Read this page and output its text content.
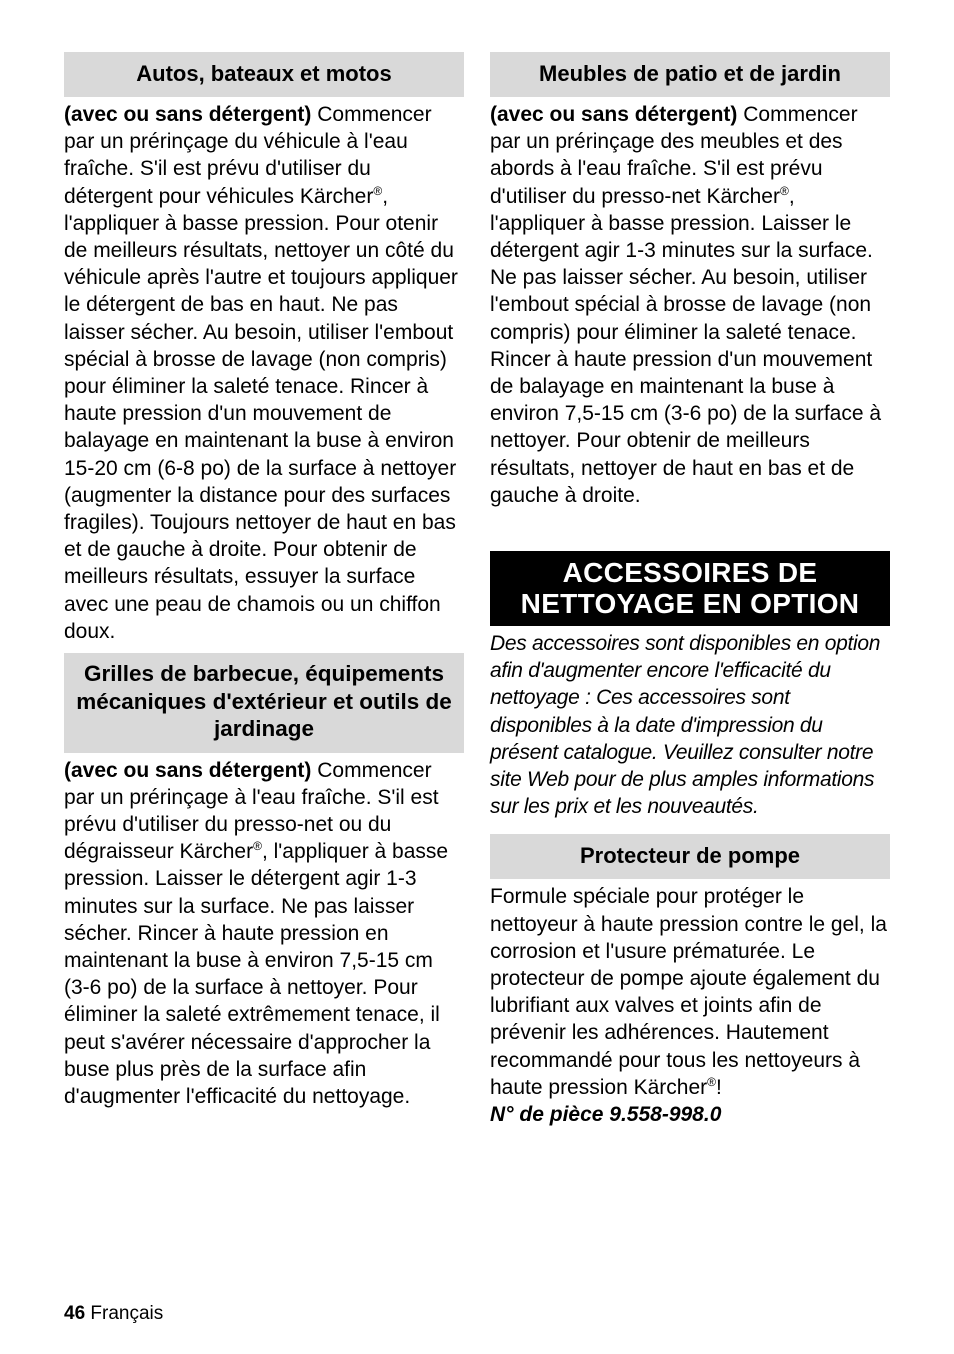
Autos, bateaux et motos

(avec ou sans détergent) Commencer par un prérinçage du véhicule à l'eau fraîche. S'il est prévu d'utiliser du détergent pour véhicules Kärcher®, l'appliquer à basse pression. Pour otenir de meilleurs résultats, nettoyer un côté du véhicule après l'autre et toujours appliquer le détergent de bas en haut. Ne pas laisser sécher. Au besoin, utiliser l'embout spécial à brosse de lavage (non compris) pour éliminer la saleté tenace. Rincer à haute pression d'un mouvement de balayage en maintenant la buse à environ 15-20 cm (6-8 po) de la surface à nettoyer (augmenter la distance pour des surfaces fragiles). Toujours nettoyer de haut en bas et de gauche à droite. Pour obtenir de meilleurs résultats, essuyer la surface avec une peau de chamois ou un chiffon doux.

Grilles de barbecue, équipements mécaniques d'extérieur et outils de jardinage

(avec ou sans détergent) Commencer par un prérinçage à l'eau fraîche. S'il est prévu d'utiliser du presso-net ou du dégraisseur Kärcher®, l'appliquer à basse pression. Laisser le détergent agir 1-3 minutes sur la surface. Ne pas laisser sécher. Rincer à haute pression en maintenant la buse à environ 7,5-15 cm (3-6 po) de la surface à nettoyer. Pour éliminer la saleté extrêmement tenace, il peut s'avérer nécessaire d'approcher la buse plus près de la surface afin d'augmenter l'efficacité du nettoyage.

Meubles de patio et de jardin

(avec ou sans détergent) Commencer par un prérinçage des meubles et des abords à l'eau fraîche. S'il est prévu d'utiliser du presso-net Kärcher®, l'appliquer à basse pression. Laisser le détergent agir 1-3 minutes sur la surface. Ne pas laisser sécher. Au besoin, utiliser l'embout spécial à brosse de lavage (non compris) pour éliminer la saleté tenace. Rincer à haute pression d'un mouvement de balayage en maintenant la buse à environ 7,5-15 cm (3-6 po) de la surface à nettoyer. Pour obtenir de meilleurs résultats, nettoyer de haut en bas et de gauche à droite.

ACCESSOIRES DE NETTOYAGE EN OPTION

Des accessoires sont disponibles en option afin d'augmenter encore l'efficacité du nettoyage : Ces accessoires sont disponibles à la date d'impression du présent catalogue. Veuillez consulter notre site Web pour de plus amples informations sur les prix et les nouveautés.

Protecteur de pompe

Formule spéciale pour protéger le nettoyeur à haute pression contre le gel, la corrosion et l'usure prématurée. Le protecteur de pompe ajoute également du lubrifiant aux valves et joints afin de prévenir les adhérences. Hautement recommandé pour tous les nettoyeurs à haute pression Kärcher®!
N° de pièce 9.558-998.0

46 Français
